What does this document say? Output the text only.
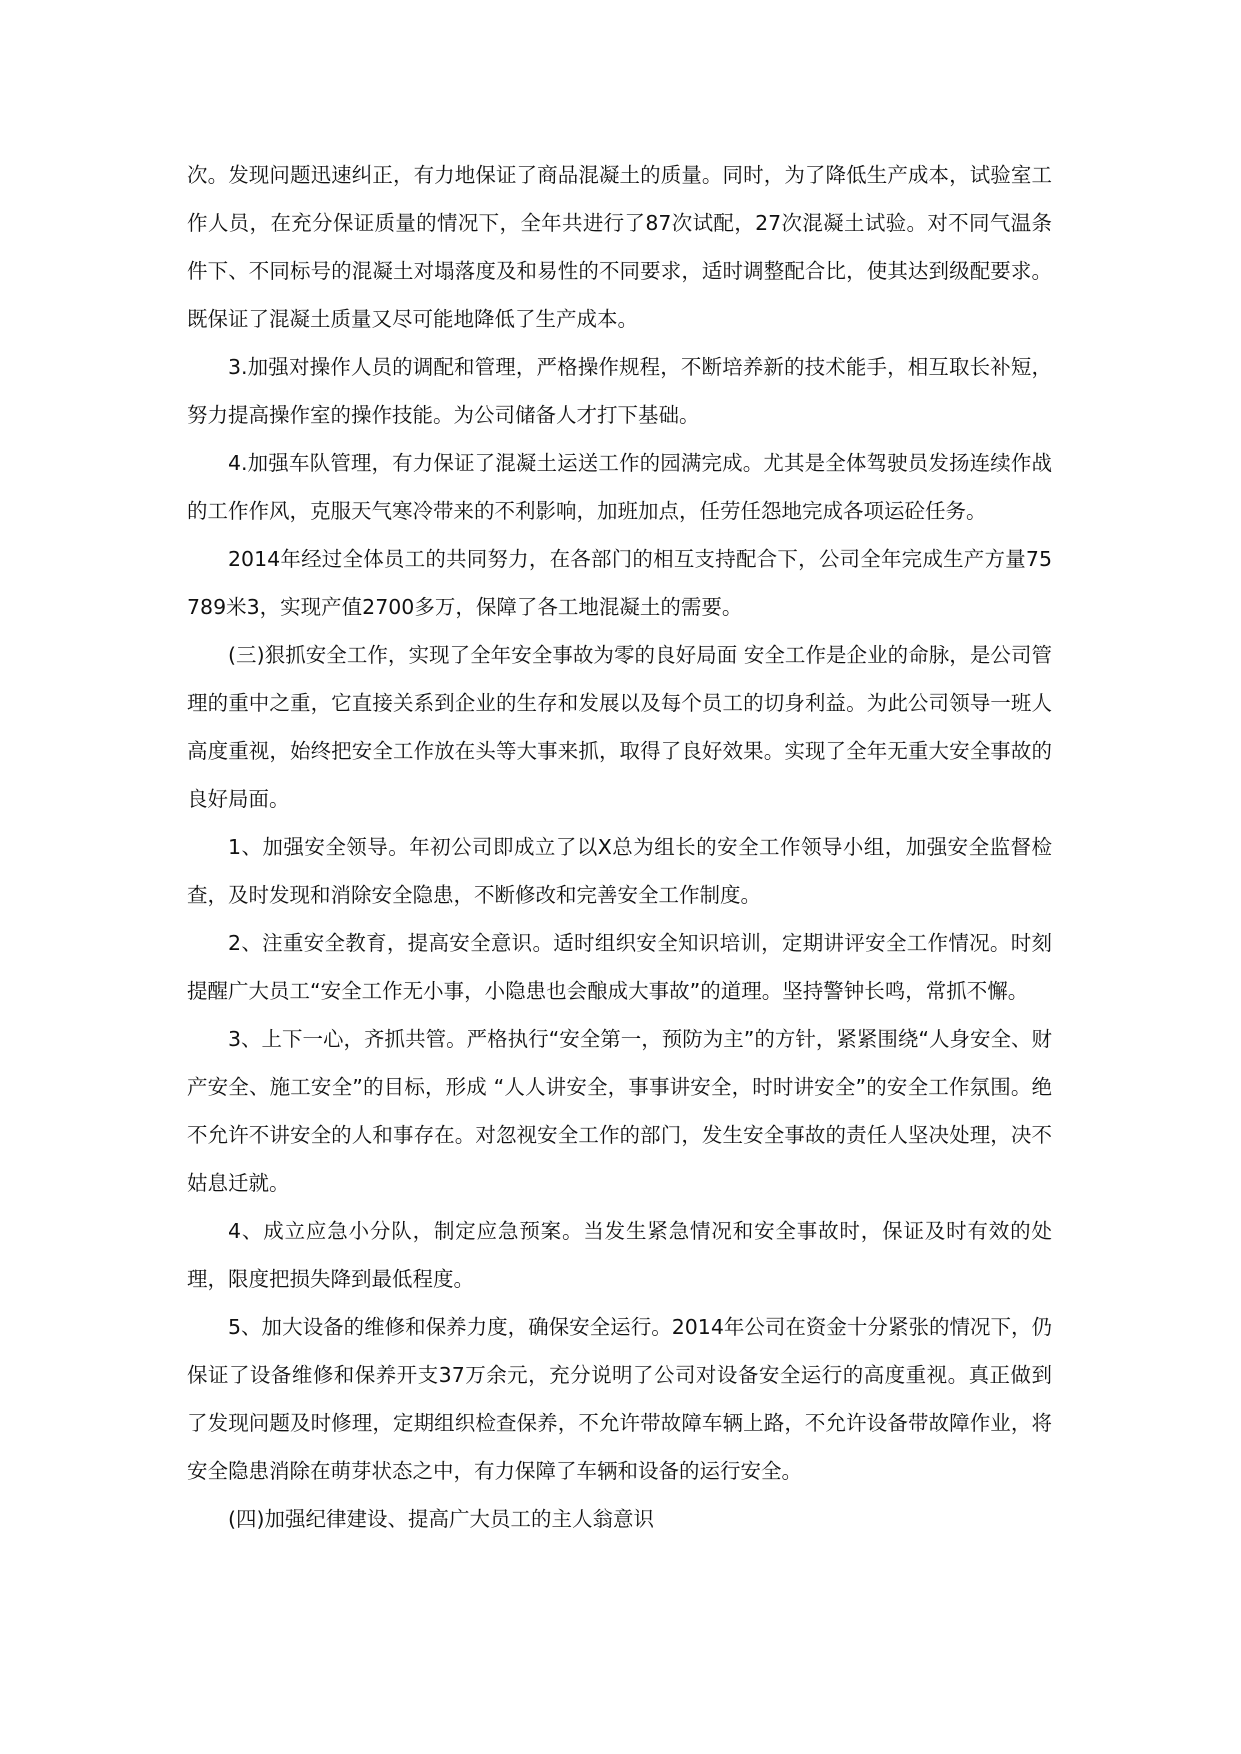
次。发现问题迅速纠正，有力地保证了商品混凝土的质量。同时，为了降低生产成本，试验室工作人员，在充分保证质量的情况下，全年共进行了87次试配，27次混凝土试验。对不同气温条件下、不同标号的混凝土对塌落度及和易性的不同要求，适时调整配合比，使其达到级配要求。既保证了混凝土质量又尽可能地降低了生产成本。

3.加强对操作人员的调配和管理，严格操作规程，不断培养新的技术能手，相互取长补短，努力提高操作室的操作技能。为公司储备人才打下基础。

4.加强车队管理，有力保证了混凝土运送工作的园满完成。尤其是全体驾驶员发扬连续作战的工作作风，克服天气寒冷带来的不利影响，加班加点，任劳任怨地完成各项运砼任务。

2014年经过全体员工的共同努力，在各部门的相互支持配合下，公司全年完成生产方量75789米3，实现产值2700多万，保障了各工地混凝土的需要。

(三)狠抓安全工作，实现了全年安全事故为零的良好局面 安全工作是企业的命脉，是公司管理的重中之重，它直接关系到企业的生存和发展以及每个员工的切身利益。为此公司领导一班人高度重视，始终把安全工作放在头等大事来抓，取得了良好效果。实现了全年无重大安全事故的良好局面。

1、加强安全领导。年初公司即成立了以X总为组长的安全工作领导小组，加强安全监督检查，及时发现和消除安全隐患，不断修改和完善安全工作制度。

2、注重安全教育，提高安全意识。适时组织安全知识培训，定期讲评安全工作情况。时刻提醒广大员工“安全工作无小事，小隐患也会酿成大事故”的道理。坚持警钟长鸣，常抓不懈。

3、上下一心，齐抓共管。严格执行“安全第一，预防为主”的方针，紧紧围绕“人身安全、财产安全、施工安全”的目标，形成 “人人讲安全，事事讲安全，时时讲安全”的安全工作氛围。绝不允许不讲安全的人和事存在。对忽视安全工作的部门，发生安全事故的责任人坚决处理，决不姑息迁就。

4、成立应急小分队，制定应急预案。当发生紧急情况和安全事故时，保证及时有效的处理，限度把损失降到最低程度。

5、加大设备的维修和保养力度，确保安全运行。2014年公司在资金十分紧张的情况下，仍保证了设备维修和保养开支37万余元，充分说明了公司对设备安全运行的高度重视。真正做到了发现问题及时修理，定期组织检查保养，不允许带故障车辆上路，不允许设备带故障作业，将安全隐患消除在萌芽状态之中，有力保障了车辆和设备的运行安全。

(四)加强纪律建设、提高广大员工的主人翁意识
